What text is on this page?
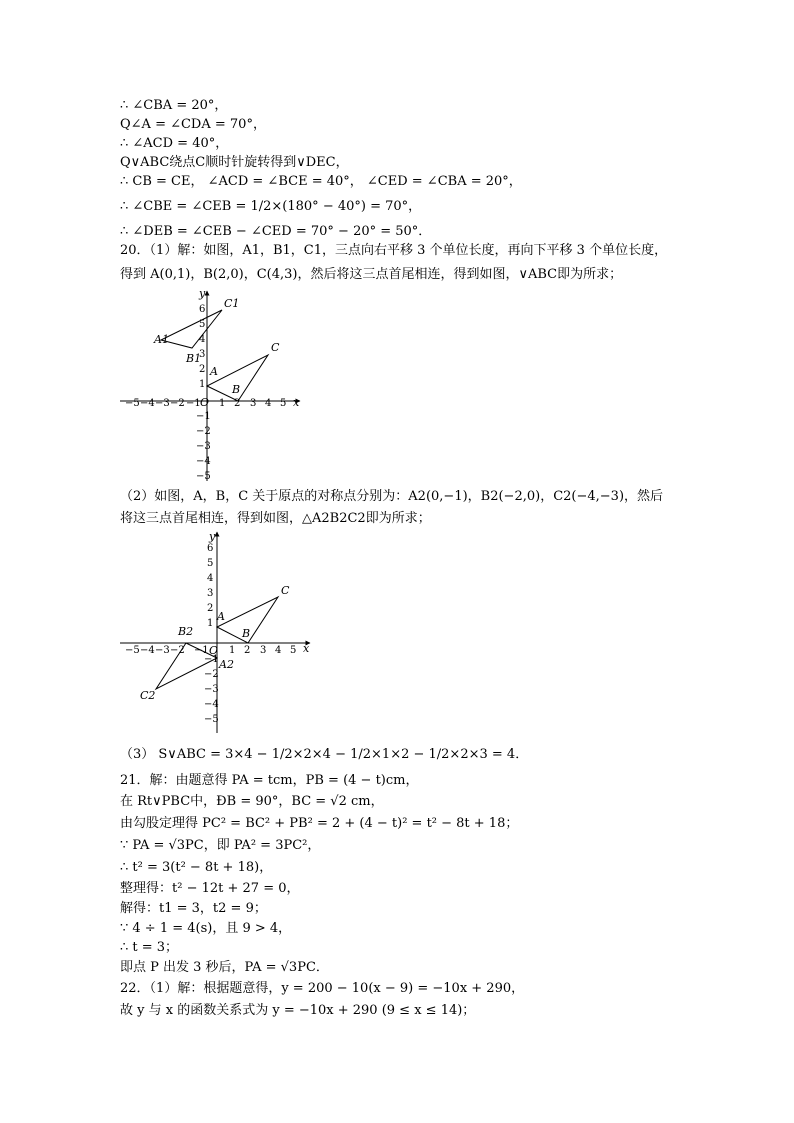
∴ ∠CBA = 20°，
Q∠A = ∠CDA = 70°，
∴ ∠ACD = 40°，
Q∨ABC绕点C顺时针旋转得到∨DEC，
∴ CB = CE， ∠ACD = ∠BCE = 40°， ∠CED = ∠CBA = 20°，
∴ ∠CBE = ∠CEB = 1/2×(180° − 40°) = 70°，
∴ ∠DEB = ∠CEB − ∠CED = 70° − 20° = 50°．
20．（1）解：如图，A1，B1，C1，三点向右平移 3 个单位长度，再向下平移 3 个单位长度，
得到 A(0,1)，B(2,0)，C(4,3)，然后将这三点首尾相连，得到如图，∨ABC即为所求；
x
y
O
−5 −4 −3 −2 −1 1 2 3 4 5
6
5
4
3
2
1
−1
−2
−3
−4
−5
A1
B1
C1
A
B
C
（2）如图，A，B，C 关于原点的对称点分别为：A2(0,−1)，B2(−2,0)，C2(−4,−3)，然后
将这三点首尾相连，得到如图，△A2B2C2即为所求；
x
y
O
−5 −4 −3 −2 −1 1 2 3 4 5
6
5
4
3
2
1
−1
−2
−3
−4
−5
A
B
C
A2
B2
C2
（3） S∨ABC = 3×4 − 1/2×2×4 − 1/2×1×2 − 1/2×2×3 = 4．
21．解：由题意得 PA = tcm，PB = (4 − t)cm，
在 Rt∨PBC中，ÐB = 90°，BC = √2 cm，
由勾股定理得 PC² = BC² + PB² = 2 + (4 − t)² = t² − 8t + 18；
∵ PA = √3PC，即 PA² = 3PC²，
∴ t² = 3(t² − 8t + 18)，
整理得：t² − 12t + 27 = 0，
解得：t1 = 3，t2 = 9；
∵ 4 ÷ 1 = 4(s)，且 9 > 4，
∴ t = 3；
即点 P 出发 3 秒后，PA = √3PC．
22．（1）解：根据题意得，y = 200 − 10(x − 9) = −10x + 290，
故 y 与 x 的函数关系式为 y = −10x + 290 (9 ≤ x ≤ 14)；
